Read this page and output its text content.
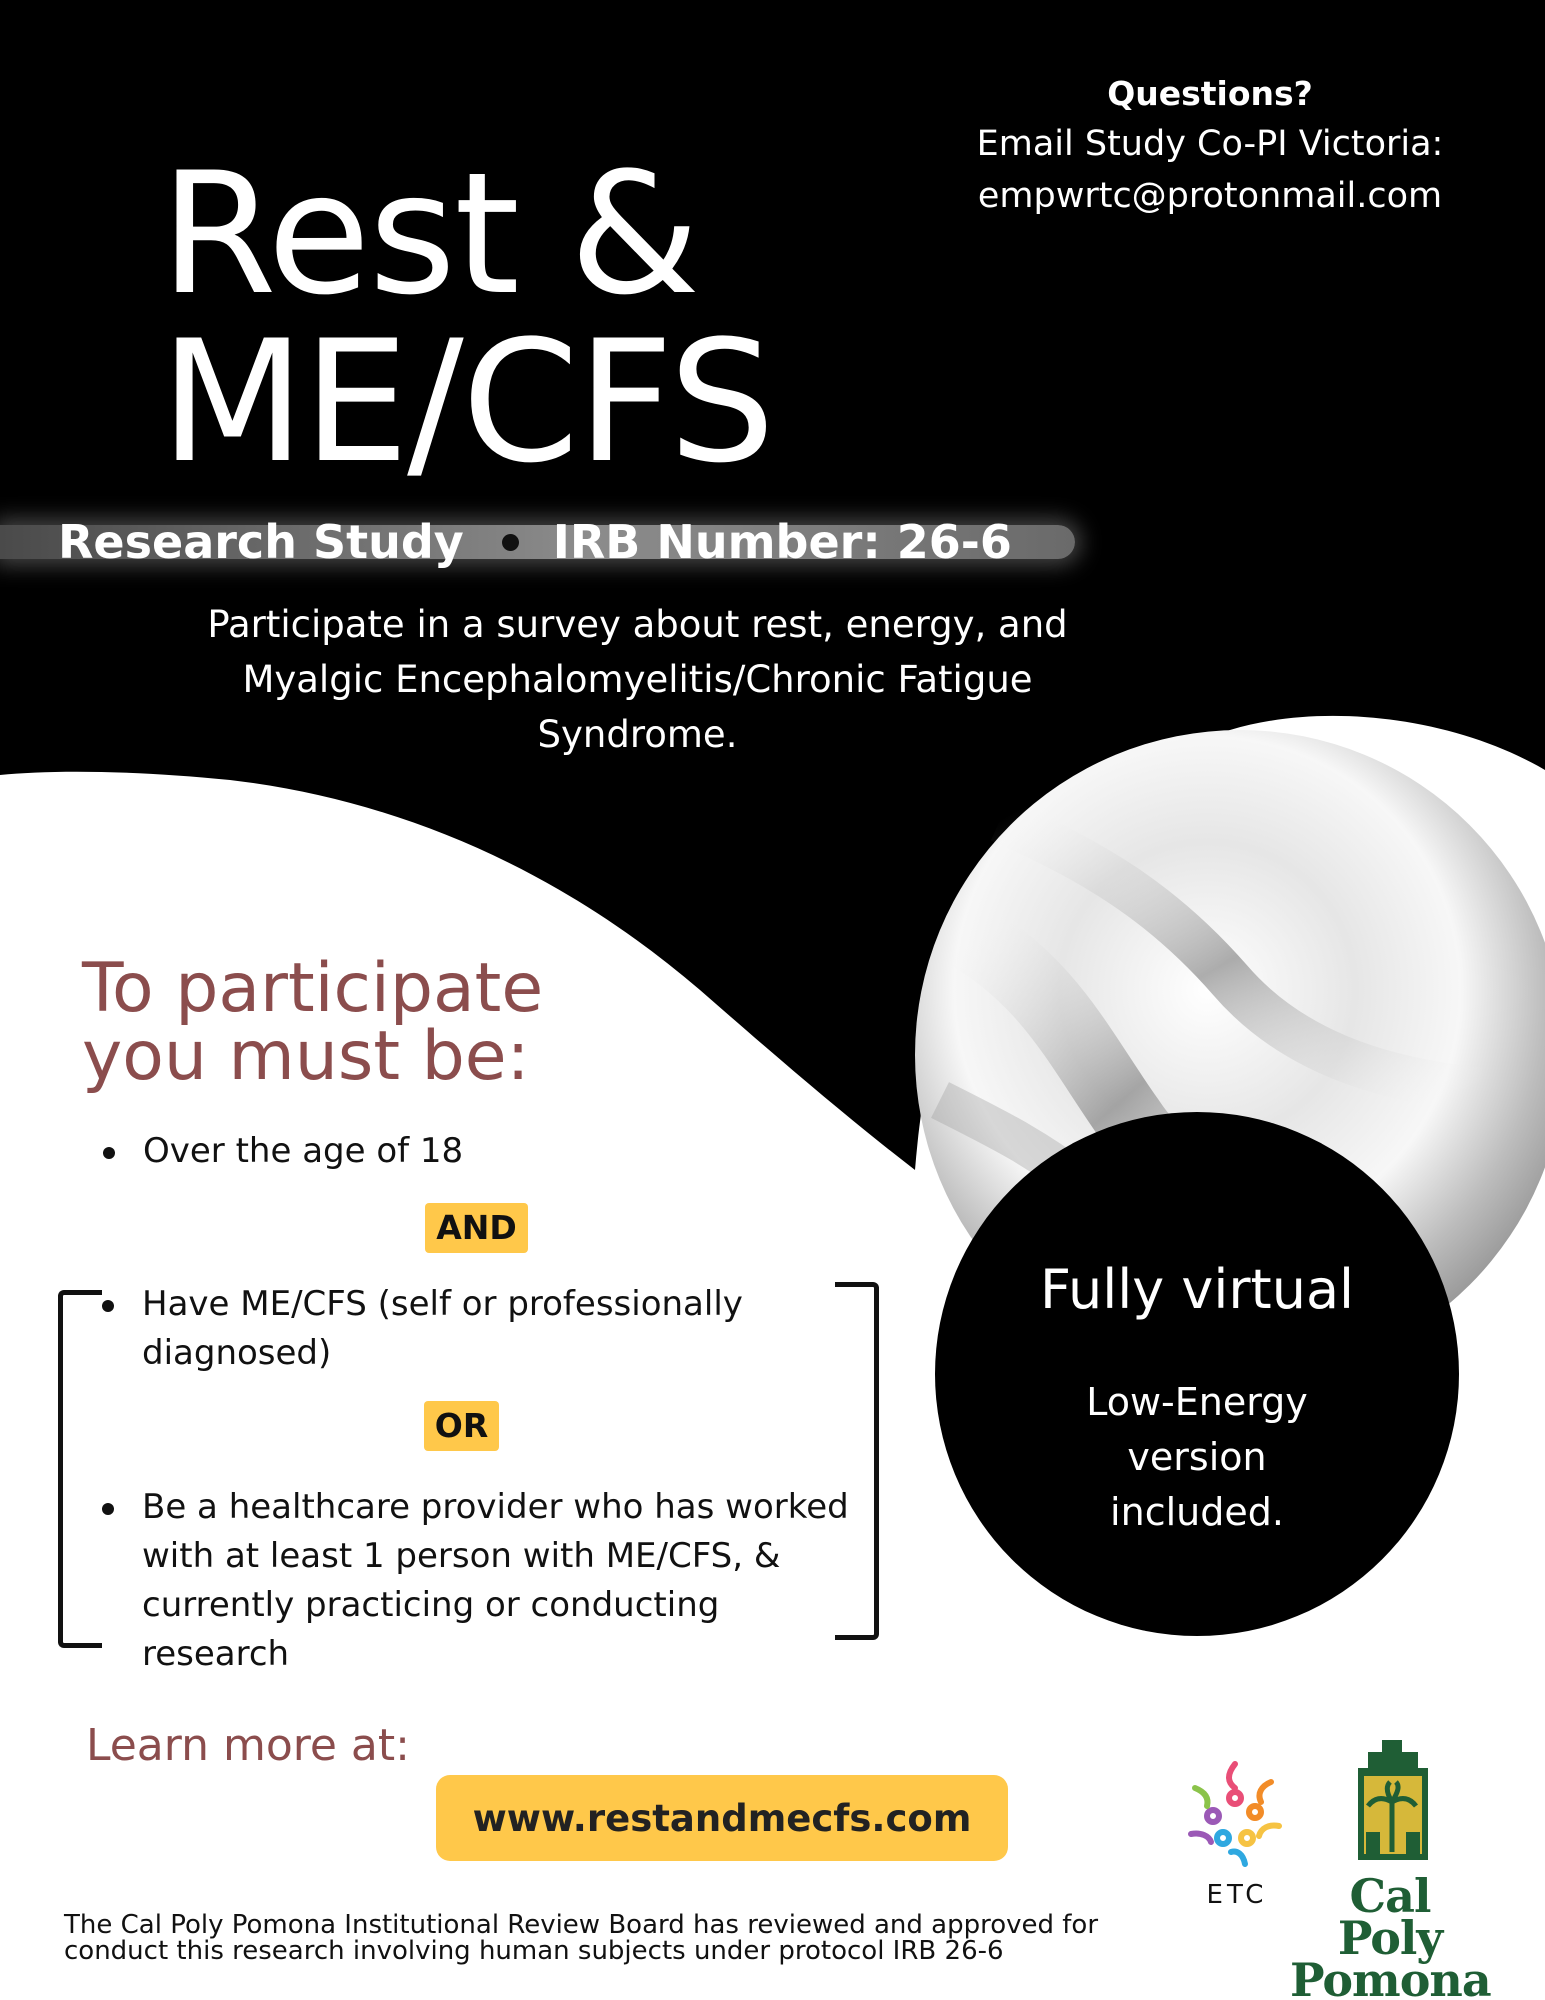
Questions?
Email Study Co-PI Victoria:
empwrtc@protonmail.com
Rest &
ME/CFS
Research Study IRB Number: 26-6
Participate in a survey about rest, energy, and
Myalgic Encephalomyelitis/Chronic Fatigue
Syndrome.
To participate
you must be:
Over the age of 18
AND
Have ME/CFS (self or professionally
diagnosed)
OR
Be a healthcare provider who has worked
with at least 1 person with ME/CFS, &
currently practicing or conducting
research
Fully virtual
Low-Energy
version
included.
Learn more at:
www.restandmecfs.com
The Cal Poly Pomona Institutional Review Board has reviewed and approved for
conduct this research involving human subjects under protocol IRB 26-6
ETC	Cal Poly
Pomona
